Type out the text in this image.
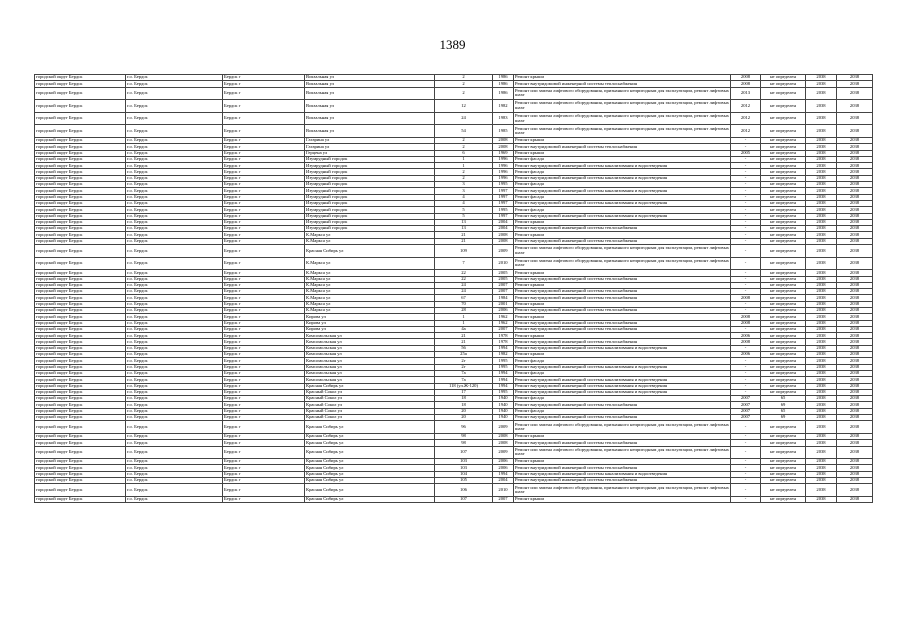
1389
городской округ Бердск	г.о. Бердск	Бердск г	Вокзальная ул	2	1986	Ремонт крыши	2008	не определен	2038	2038
городской округ Бердск	г.о. Бердск	Бердск г	Вокзальная ул	2	1986	Ремонт внутридомовой инженерной системы теплоснабжения	2008	не определен	2038	2038
городской округ Бердск	г.о. Бердск	Бердск г	Вокзальная ул	2	1986	Ремонт или замена лифтового оборудования, признанного непригодным для эксплуатации, ремонт лифтовых шахт	2013	не определен	2038	2038
городской округ Бердск	г.о. Бердск	Бердск г	Вокзальная ул	12	1982	Ремонт или замена лифтового оборудования, признанного непригодным для эксплуатации, ремонт лифтовых шахт	2012	не определен	2038	2038
городской округ Бердск	г.о. Бердск	Бердск г	Вокзальная ул	24	1983	Ремонт или замена лифтового оборудования, признанного непригодным для эксплуатации, ремонт лифтовых шахт	2012	не определен	2038	2038
городской округ Бердск	г.о. Бердск	Бердск г	Вокзальная ул	54	1985	Ремонт или замена лифтового оборудования, признанного непригодным для эксплуатации, ремонт лифтовых шахт	2012	не определен	2038	2038
городской округ Бердск	г.о. Бердск	Бердск г	Гагарина ул	2	2008	Ремонт крыши	-	не определен	2038	2038
городской округ Бердск	г.о. Бердск	Бердск г	Гагарина ул	2	2008	Ремонт внутридомовой инженерной системы теплоснабжения	-	не определен	2038	2038
городской округ Бердск	г.о. Бердск	Бердск г	Герцена ул	6	1969	Ремонт крыши	2005	не определен	2038	2038
городской округ Бердск	г.о. Бердск	Бердск г	Изумрудный городок	1	1996	Ремонт фасада	-	не определен	2038	2038
городской округ Бердск	г.о. Бердск	Бердск г	Изумрудный городок	1	1996	Ремонт внутридомовой инженерной системы канализования и водоотведения	-	не определен	2038	2038
городской округ Бердск	г.о. Бердск	Бердск г	Изумрудный городок	2	1996	Ремонт фасада	-	не определен	2038	2038
городской округ Бердск	г.о. Бердск	Бердск г	Изумрудный городок	2	1996	Ремонт внутридомовой инженерной системы канализования и водоотведения	-	не определен	2038	2038
городской округ Бердск	г.о. Бердск	Бердск г	Изумрудный городок	3	1995	Ремонт фасада	-	не определен	2038	2038
городской округ Бердск	г.о. Бердск	Бердск г	Изумрудный городок	3	1997	Ремонт внутридомовой инженерной системы канализования и водоотведения	-	не определен	2038	2038
городской округ Бердск	г.о. Бердск	Бердск г	Изумрудный городок	4	1997	Ремонт фасада	-	не определен	2038	2038
городской округ Бердск	г.о. Бердск	Бердск г	Изумрудный городок	4	1997	Ремонт внутридомовой инженерной системы канализования и водоотведения	-	не определен	2038	2038
городской округ Бердск	г.о. Бердск	Бердск г	Изумрудный городок	5	1995	Ремонт фасада	-	не определен	2038	2038
городской округ Бердск	г.о. Бердск	Бердск г	Изумрудный городок	5	1997	Ремонт внутридомовой инженерной системы канализования и водоотведения	-	не определен	2038	2038
городской округ Бердск	г.о. Бердск	Бердск г	Изумрудный городок	13	2004	Ремонт крыши	-	не определен	2038	2038
городской округ Бердск	г.о. Бердск	Бердск г	Изумрудный городок	13	2004	Ремонт внутридомовой инженерной системы теплоснабжения	-	не определен	2038	2038
городской округ Бердск	г.о. Бердск	Бердск г	К.Маркса ул	21	2008	Ремонт крыши	-	не определен	2038	2038
городской округ Бердск	г.о. Бердск	Бердск г	К.Маркса ул	21	2008	Ремонт внутридомовой инженерной системы теплоснабжения	-	не определен	2038	2038
городской округ Бердск	г.о. Бердск	Бердск г	Красная Сибирь ул	109	2009	Ремонт или замена лифтового оборудования, признанного непригодным для эксплуатации, ремонт лифтовых шахт	-	не определен	2038	2038
городской округ Бердск	г.о. Бердск	Бердск г	К.Маркса ул	7	2010	Ремонт или замена лифтового оборудования, признанного непригодным для эксплуатации, ремонт лифтовых шахт	-	не определен	2038	2038
городской округ Бердск	г.о. Бердск	Бердск г	К.Маркса ул	22	2005	Ремонт крыши	-	не определен	2038	2038
городской округ Бердск	г.о. Бердск	Бердск г	К.Маркса ул	22	2005	Ремонт внутридомовой инженерной системы теплоснабжения	-	не определен	2038	2038
городской округ Бердск	г.о. Бердск	Бердск г	К.Маркса ул	24	2007	Ремонт крыши	-	не определен	2038	2038
городской округ Бердск	г.о. Бердск	Бердск г	К.Маркса ул	24	2007	Ремонт внутридомовой инженерной системы теплоснабжения	-	не определен	2038	2038
городской округ Бердск	г.о. Бердск	Бердск г	К.Маркса ул	67	1984	Ремонт внутридомовой инженерной системы теплоснабжения	2008	не определен	2038	2038
городской округ Бердск	г.о. Бердск	Бердск г	К.Маркса ул	70	2001	Ремонт крыши	-	не определен	2038	2038
городской округ Бердск	г.о. Бердск	Бердск г	К.Маркса ул	28	2006	Ремонт внутридомовой инженерной системы теплоснабжения	-	не определен	2038	2038
городской округ Бердск	г.о. Бердск	Бердск г	Кирова ул	1	1962	Ремонт крыши	2008	не определен	2038	2038
городской округ Бердск	г.о. Бердск	Бердск г	Кирова ул	1	1962	Ремонт внутридомовой инженерной системы теплоснабжения	2008	не определен	2038	2038
городской округ Бердск	г.о. Бердск	Бердск г	Кирова ул	4а	2007	Ремонт внутридомовой инженерной системы теплоснабжения	-	не определен	2038	2038
городской округ Бердск	г.о. Бердск	Бердск г	Комсомольская ул	21	1978	Ремонт крыши	2006	не определен	2038	2038
городской округ Бердск	г.о. Бердск	Бердск г	Комсомольская ул	21	1978	Ремонт внутридомовой инженерной системы теплоснабжения	2008	не определен	2038	2038
городской округ Бердск	г.о. Бердск	Бердск г	Комсомольская ул	56	1994	Ремонт внутридомовой инженерной системы канализования и водоотведения	-	не определен	2038	2038
городской округ Бердск	г.о. Бердск	Бердск г	Комсомольская ул	25а	1982	Ремонт крыши	2006	не определен	2038	2038
городской округ Бердск	г.о. Бердск	Бердск г	Комсомольская ул	2г	1995	Ремонт фасада	-	не определен	2038	2038
городской округ Бердск	г.о. Бердск	Бердск г	Комсомольская ул	2г	1995	Ремонт внутридомовой инженерной системы канализования и водоотведения	-	не определен	2038	2038
городской округ Бердск	г.о. Бердск	Бердск г	Комсомольская ул	7а	1994	Ремонт фасада	-	не определен	2038	2038
городской округ Бердск	г.о. Бердск	Бердск г	Комсомольская ул	7а	1994	Ремонт внутридомовой инженерной системы канализования и водоотведения	-	не определен	2038	2038
городской округ Бердск	г.о. Бердск	Бердск г	Красная Сибирь ул	118 (ул.Ж-120)	1994	Ремонт внутридомовой инженерной системы канализования и водоотведения	-	не определен	2038	2038
городской округ Бердск	г.о. Бердск	Бердск г	Красный Сокол ул	17	1995	Ремонт внутридомовой инженерной системы канализования и водоотведения	-	не определен	2038	2038
городской округ Бердск	г.о. Бердск	Бердск г	Красный Сокол ул	18	1940	Ремонт фасада	2007	65	2038	2038
городской округ Бердск	г.о. Бердск	Бердск г	Красный Сокол ул	18	1940	Ремонт внутридомовой инженерной системы теплоснабжения	2007	69	2038	2038
городской округ Бердск	г.о. Бердск	Бердск г	Красный Сокол ул	20	1940	Ремонт фасада	2007	65	2038	2038
городской округ Бердск	г.о. Бердск	Бердск г	Красный Сокол ул	20	1940	Ремонт внутридомовой инженерной системы теплоснабжения	2007	69	2038	2038
городской округ Бердск	г.о. Бердск	Бердск г	Красная Сибирь ул	96	2009	Ремонт или замена лифтового оборудования, признанного непригодным для эксплуатации, ремонт лифтовых шахт	-	не определен	2038	2038
городской округ Бердск	г.о. Бердск	Бердск г	Красная Сибирь ул	98	2008	Ремонт крыши	-	не определен	2038	2038
городской округ Бердск	г.о. Бердск	Бердск г	Красная Сибирь ул	98	2008	Ремонт внутридомовой инженерной системы теплоснабжения	-	не определен	2038	2038
городской округ Бердск	г.о. Бердск	Бердск г	Красная Сибирь ул	107	2009	Ремонт или замена лифтового оборудования, признанного непригодным для эксплуатации, ремонт лифтовых шахт	-	не определен	2038	2038
городской округ Бердск	г.о. Бердск	Бердск г	Красная Сибирь ул	103	2006	Ремонт крыши	-	не определен	2038	2038
городской округ Бердск	г.о. Бердск	Бердск г	Красная Сибирь ул	103	2006	Ремонт внутридомовой инженерной системы теплоснабжения	-	не определен	2038	2038
городской округ Бердск	г.о. Бердск	Бердск г	Красная Сибирь ул	104	1994	Ремонт внутридомовой инженерной системы канализования и водоотведения	-	не определен	2038	2038
городской округ Бердск	г.о. Бердск	Бердск г	Красная Сибирь ул	105	2004	Ремонт внутридомовой инженерной системы теплоснабжения	-	не определен	2038	2038
городской округ Бердск	г.о. Бердск	Бердск г	Красная Сибирь ул	106	2010	Ремонт или замена лифтового оборудования, признанного непригодным для эксплуатации, ремонт лифтовых шахт	-	не определен	2038	2038
городской округ Бердск	г.о. Бердск	Бердск г	Красная Сибирь ул	107	2007	Ремонт крыши	-	не определен	2038	2038
